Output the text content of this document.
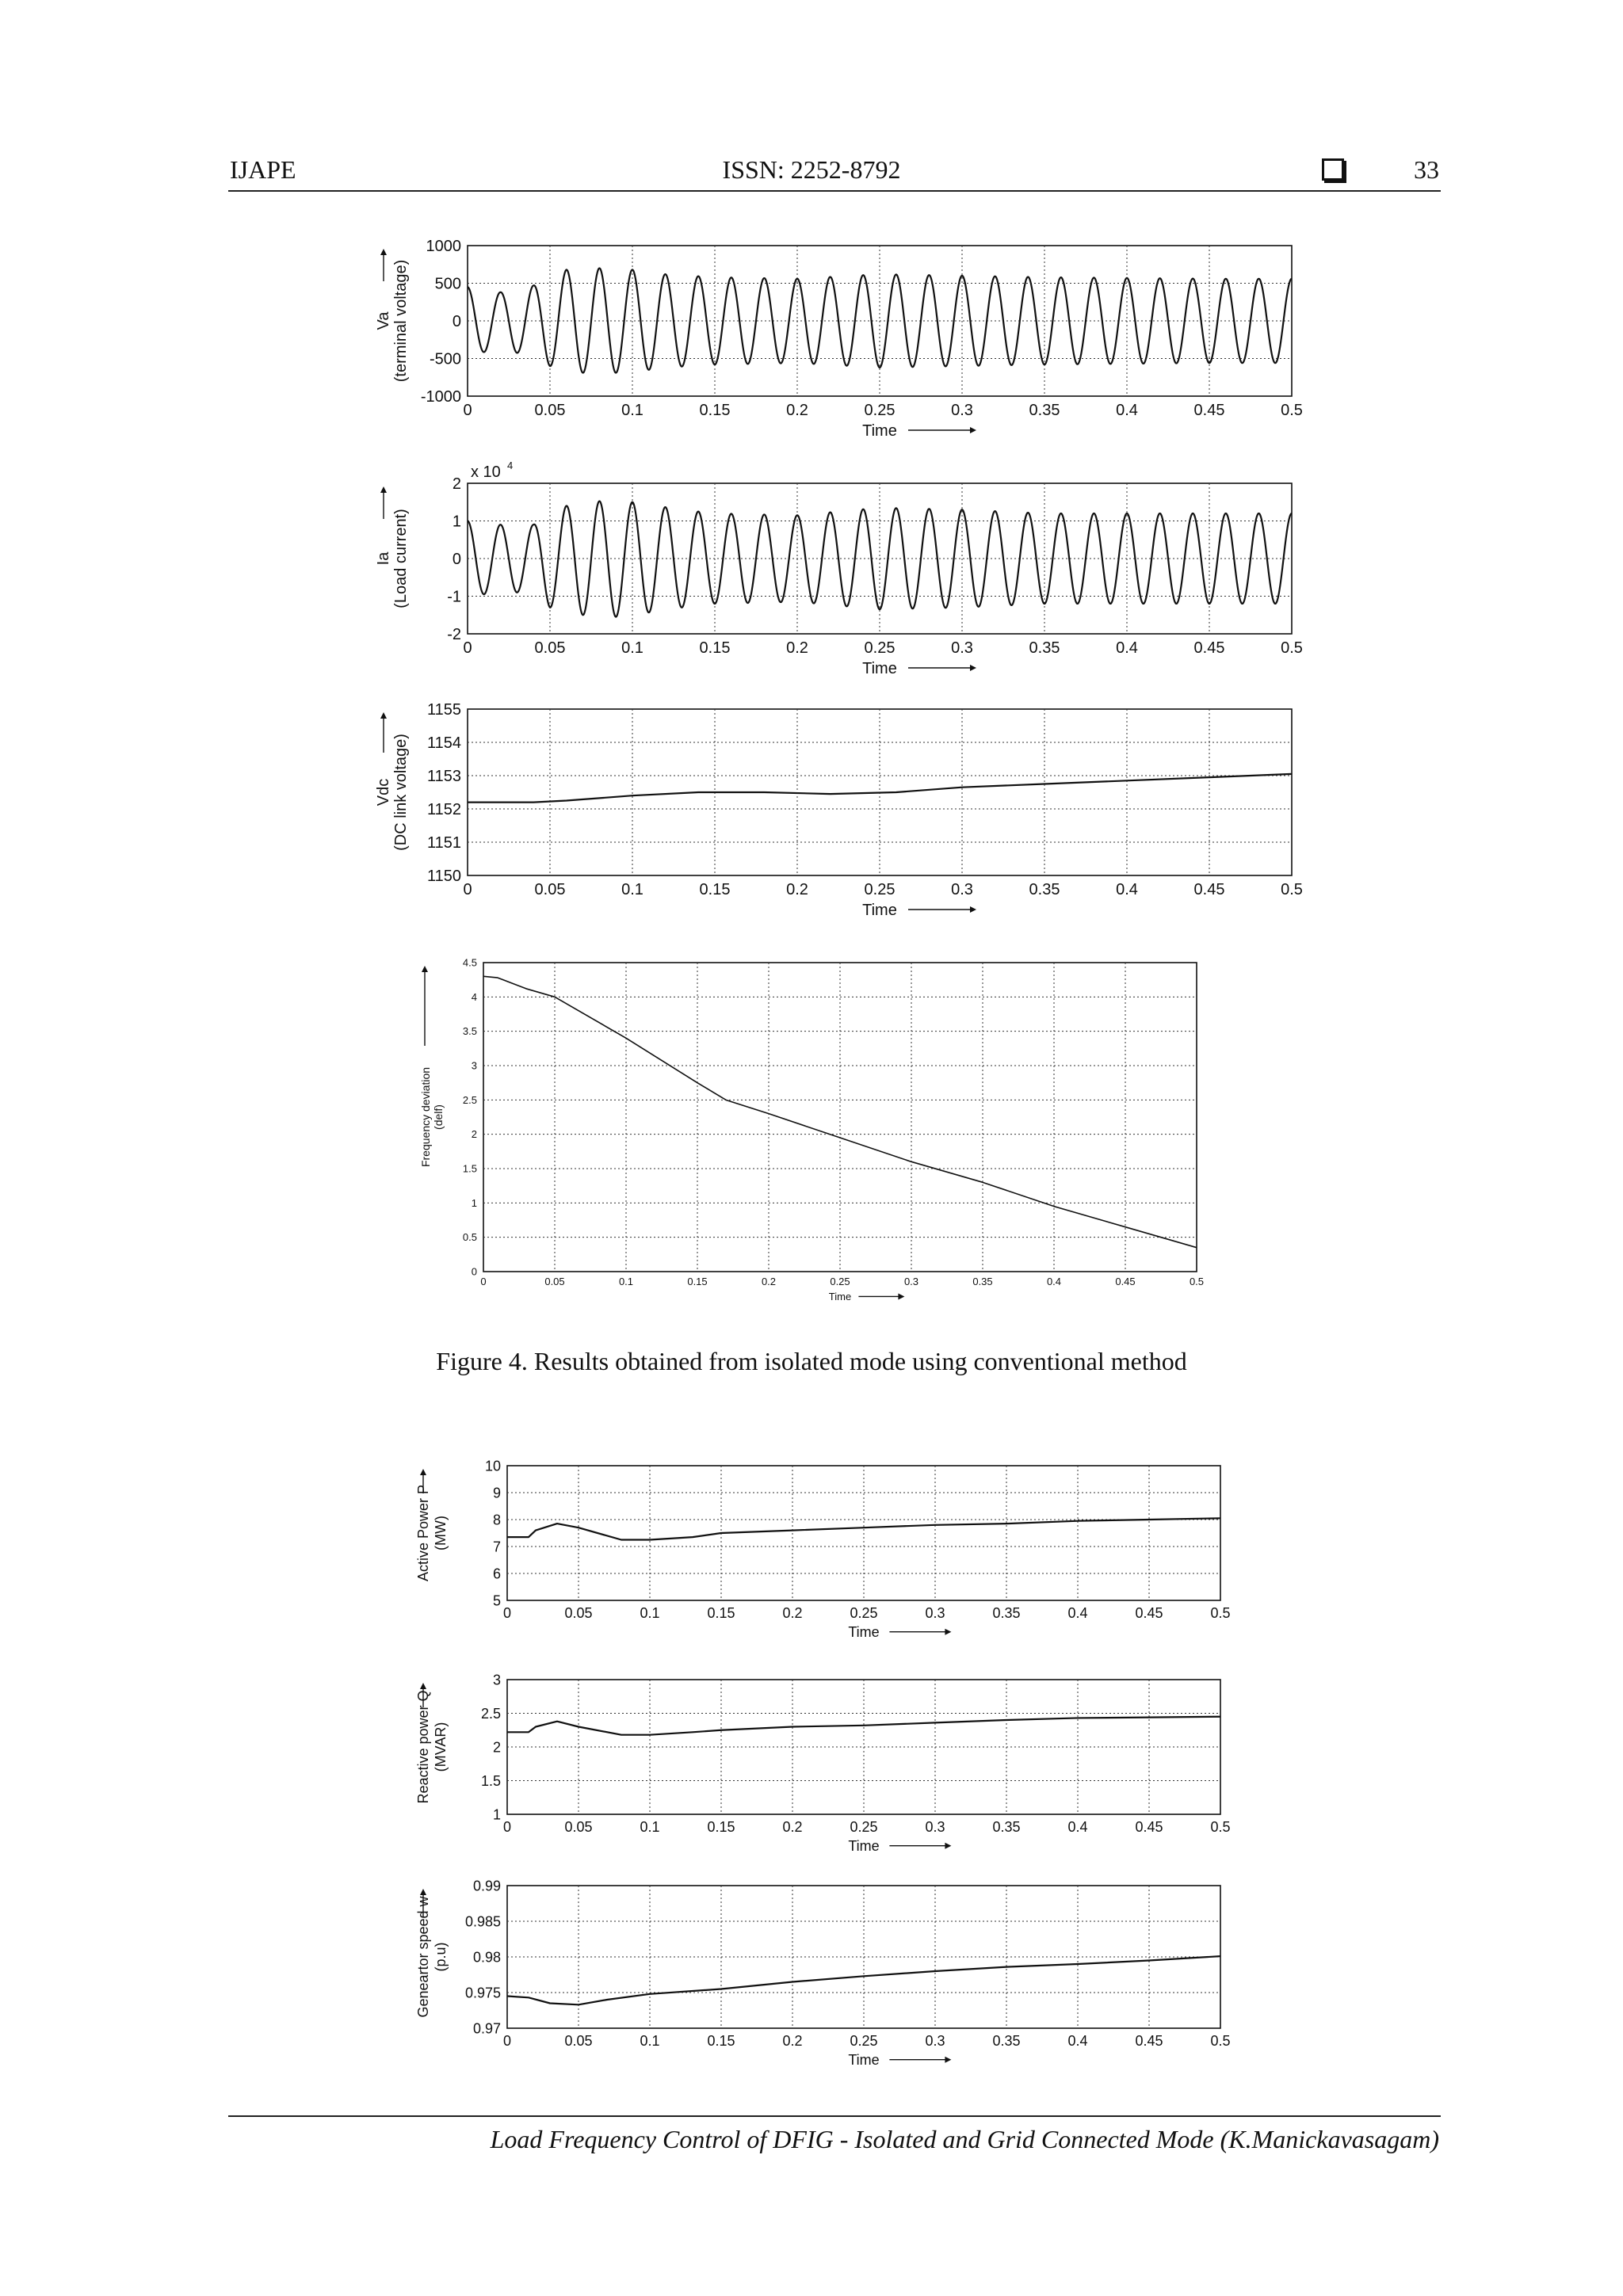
IJAPE	ISSN: 2252-8792	33
0	0.05	0.1	0.15	0.2	0.25	0.3	0.35	0.4	0.45	0.5
1000
500
0
-500
-1000
Time
Va (terminal voltage)
0	0.05	0.1	0.15	0.2	0.25	0.3	0.35	0.4	0.45	0.5
2
1
0
-1
-2
x 10 4
Time
Ia (Load current)
0	0.05	0.1	0.15	0.2	0.25	0.3	0.35	0.4	0.45	0.5
1155
1154
1153
1152
1151
1150
Time
Vdc (DC link voltage)
0	0.05	0.1	0.15	0.2	0.25	0.3	0.35	0.4	0.45	0.5
4.5
4
3.5
3
2.5
2
1.5
1
0.5
0
Time
Frequency deviation (delf)
Figure 4. Results obtained from isolated mode using conventional method
0	0.05	0.1	0.15	0.2	0.25	0.3	0.35	0.4	0.45	0.5
10
9
8
7
6
5
Time
Active Power P (MW)
0	0.05	0.1	0.15	0.2	0.25	0.3	0.35	0.4	0.45	0.5
3
2.5
2
1.5
1
Time
Reactive power Q (MVAR)
0	0.05	0.1	0.15	0.2	0.25	0.3	0.35	0.4	0.45	0.5
0.99
0.985
0.98
0.975
0.97
Time
Geneartor speed w (p.u)
Load Frequency Control of DFIG - Isolated and Grid Connected Mode (K.Manickavasagam)
